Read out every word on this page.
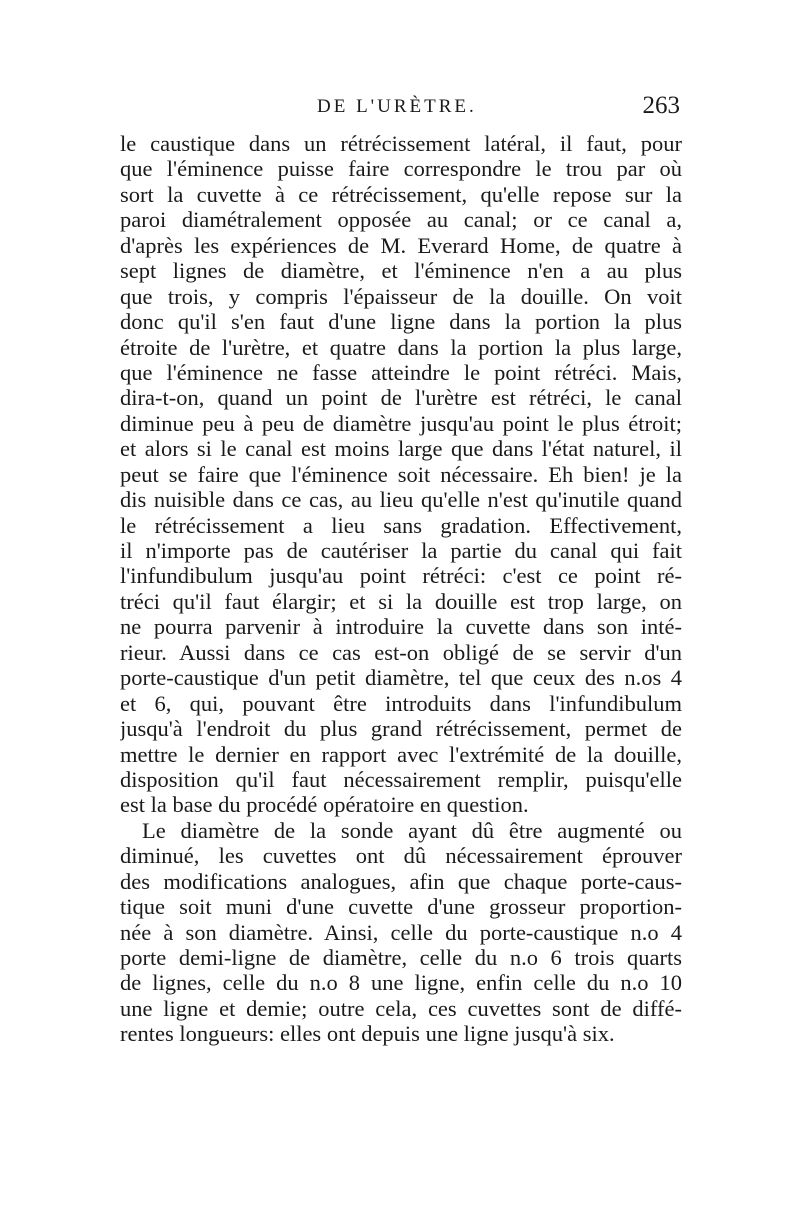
DE L'URÈTRE.	263
le caustique dans un rétrécissement latéral, il faut, pour
que l'éminence puisse faire correspondre le trou par où
sort la cuvette à ce rétrécissement, qu'elle repose sur la
paroi diamétralement opposée au canal; or ce canal a,
d'après les expériences de M. Everard Home, de quatre à
sept lignes de diamètre, et l'éminence n'en a au plus
que trois, y compris l'épaisseur de la douille. On voit
donc qu'il s'en faut d'une ligne dans la portion la plus
étroite de l'urètre, et quatre dans la portion la plus large,
que l'éminence ne fasse atteindre le point rétréci. Mais,
dira-t-on, quand un point de l'urètre est rétréci, le canal
diminue peu à peu de diamètre jusqu'au point le plus étroit;
et alors si le canal est moins large que dans l'état naturel, il
peut se faire que l'éminence soit nécessaire. Eh bien! je la
dis nuisible dans ce cas, au lieu qu'elle n'est qu'inutile quand
le rétrécissement a lieu sans gradation. Effectivement,
il n'importe pas de cautériser la partie du canal qui fait
l'infundibulum jusqu'au point rétréci: c'est ce point ré-
tréci qu'il faut élargir; et si la douille est trop large, on
ne pourra parvenir à introduire la cuvette dans son inté-
rieur. Aussi dans ce cas est-on obligé de se servir d'un
porte-caustique d'un petit diamètre, tel que ceux des n.os 4
et 6, qui, pouvant être introduits dans l'infundibulum
jusqu'à l'endroit du plus grand rétrécissement, permet de
mettre le dernier en rapport avec l'extrémité de la douille,
disposition qu'il faut nécessairement remplir, puisqu'elle
est la base du procédé opératoire en question.
Le diamètre de la sonde ayant dû être augmenté ou
diminué, les cuvettes ont dû nécessairement éprouver
des modifications analogues, afin que chaque porte-caus-
tique soit muni d'une cuvette d'une grosseur proportion-
née à son diamètre. Ainsi, celle du porte-caustique n.o 4
porte demi-ligne de diamètre, celle du n.o 6 trois quarts
de lignes, celle du n.o 8 une ligne, enfin celle du n.o 10
une ligne et demie; outre cela, ces cuvettes sont de diffé-
rentes longueurs: elles ont depuis une ligne jusqu'à six.
